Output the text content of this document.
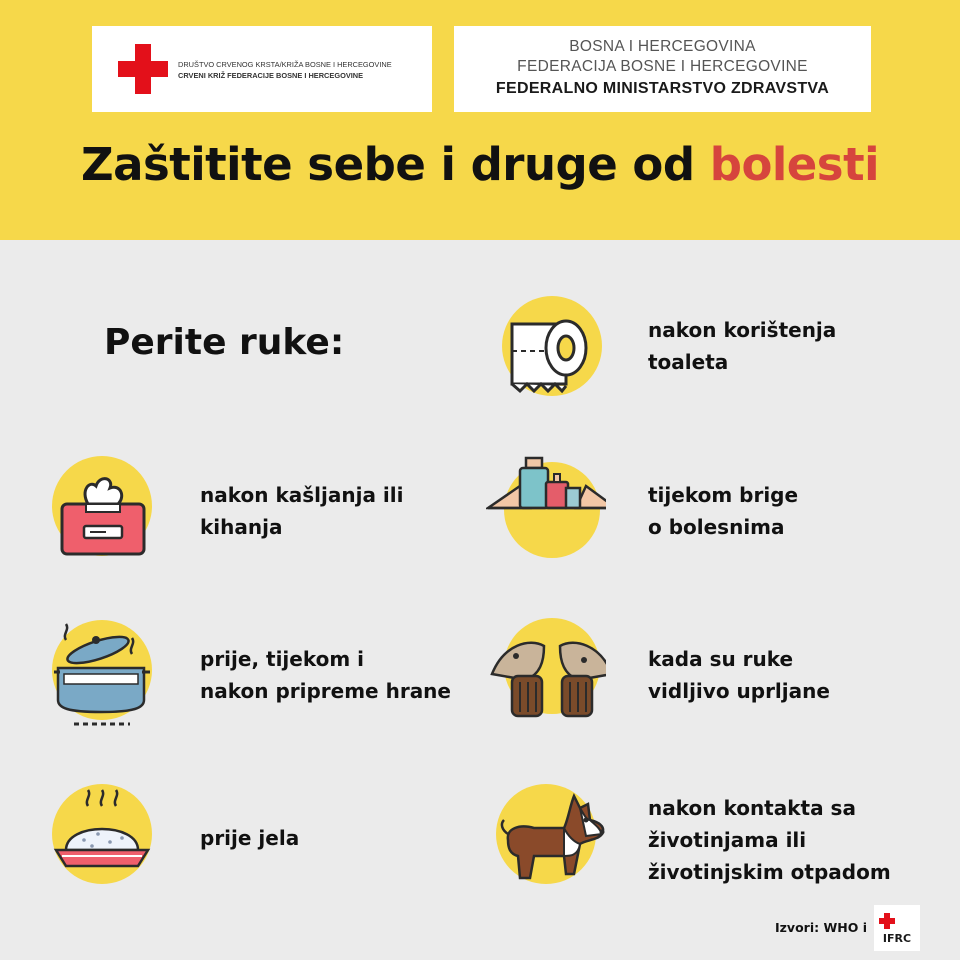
DRUŠTVO CRVENOG KRSTA/KRIŽA BOSNE I HERCEGOVINE
CRVENI KRIŽ FEDERACIJE BOSNE I HERCEGOVINE
BOSNA I HERCEGOVINA
FEDERACIJA BOSNE I HERCEGOVINE
FEDERALNO MINISTARSTVO ZDRAVSTVA
Zaštitite sebe i druge od bolesti
Perite ruke:	nakon korištenja
toaleta
nakon kašljanja ili
kihanja
tijekom brige
o bolesnima
prije, tijekom i
nakon pripreme hrane
kada su ruke
vidljivo uprljane
prije jela
nakon kontakta sa
životinjama ili
životinjskim otpadom
Izvori: WHO i
IFRC
